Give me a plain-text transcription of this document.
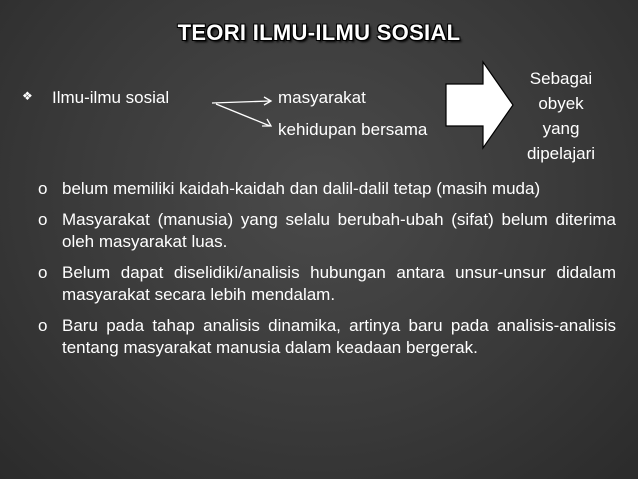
TEORI ILMU-ILMU SOSIAL
❖	Ilmu-ilmu sosial	masyarakat
kehidupan bersama
Sebagai
obyek
yang
dipelajari
o belum memiliki kaidah-kaidah dan dalil-dalil tetap (masih muda)
o Masyarakat (manusia) yang selalu berubah-ubah (sifat) belum diterima oleh masyarakat luas.
o Belum dapat diselidiki/analisis hubungan antara unsur-unsur didalam masyarakat secara lebih mendalam.
o Baru pada tahap analisis dinamika, artinya baru pada analisis-analisis tentang masyarakat manusia dalam keadaan bergerak.
